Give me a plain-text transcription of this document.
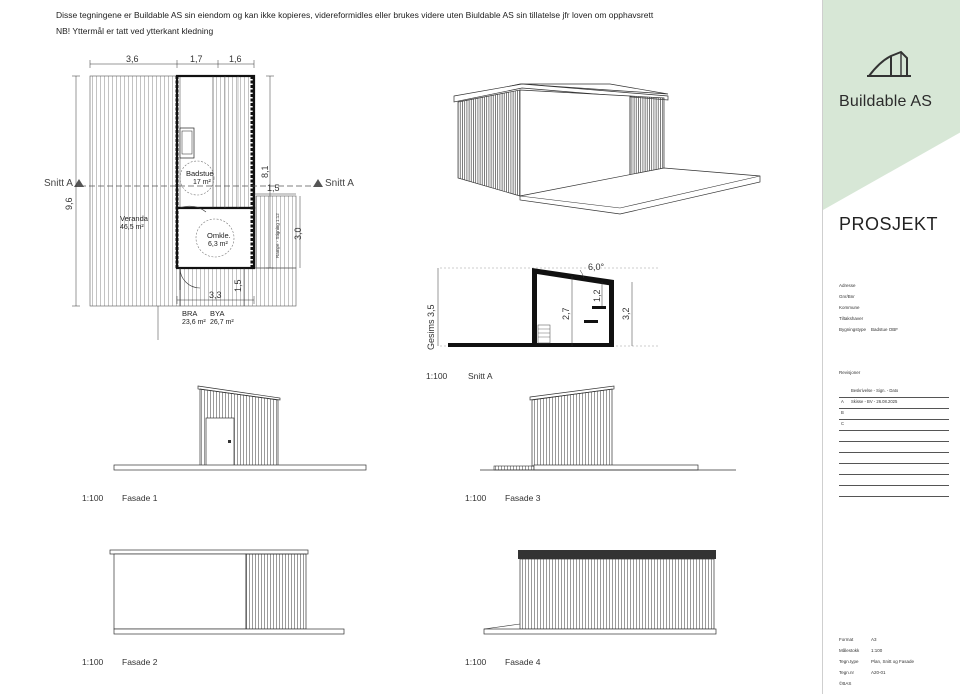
Disse tegningene er Buildable AS sin eiendom og kan ikke kopieres, videreformidles eller brukes videre uten Biuldable AS sin tillatelse jfr loven om opphavsrett
NB! Yttermål er tatt ved ytterkant kledning
Snitt A	Snitt A
3,6	1,7	1,6
9,6
8,1
1,5
3,0
Rampe - Stigning 1:12
3,3
1,5
Badstue
17 m²
Veranda
46,5 m²
Omkle.
6,3 m²
BRA
23,6 m²
BYA
26,7 m²	Gesims 3,5	2,7
1,2
3,2
6,0°
1:100 Snitt A
1:100 Fasade 1	1:100 Fasade 3
1:100 Fasade 2	1:100 Fasade 4
Buildable AS
PROSJEKT
Adresse
Gnr/Bnr
Kommune
Tiltakshaver
Bygningstype Badstue OBF
Revisjoner
Beskrivelse - Sign. - Dato
A Skisse - BV - 26.08.2025
B
C
Format	A3
Målestokk	1:100
Tegn.type	Plan, Snitt og Fasade
Tegn.nr	A20-01
©BAS
